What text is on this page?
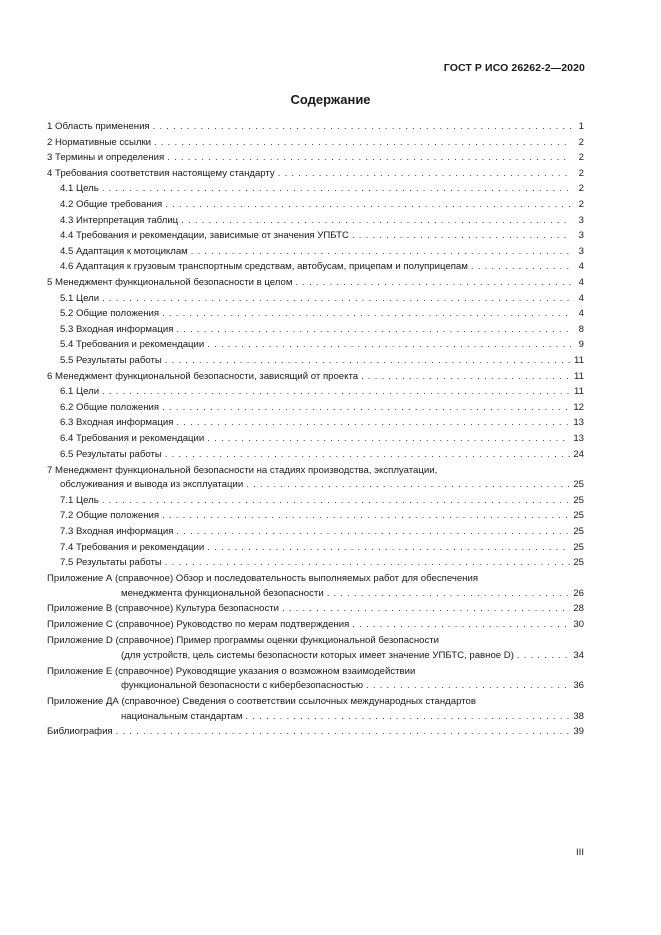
ГОСТ Р ИСО 26262-2—2020
Содержание
1 Область применения . . .	1
2 Нормативные ссылки . . .	2
3 Термины и определения . . .	2
4 Требования соответствия настоящему стандарту . . .	2
4.1 Цель . . .	2
4.2 Общие требования . . .	2
4.3 Интерпретация таблиц . . .	3
4.4 Требования и рекомендации, зависимые от значения УПБТС . . .	3
4.5 Адаптация к мотоциклам . . .	3
4.6 Адаптация к грузовым транспортным средствам, автобусам, прицепам и полуприцепам . . .	4
5 Менеджмент функциональной безопасности в целом . . .	4
5.1 Цели . . .	4
5.2 Общие положения . . .	4
5.3 Входная информация . . .	8
5.4 Требования и рекомендации . . .	9
5.5 Результаты работы . . .	11
6 Менеджмент функциональной безопасности, зависящий от проекта . . .	11
6.1 Цели . . .	11
6.2 Общие положения . . .	12
6.3 Входная информация . . .	13
6.4 Требования и рекомендации . . .	13
6.5 Результаты работы . . .	24
7 Менеджмент функциональной безопасности на стадиях производства, эксплуатации,
обслуживания и вывода из эксплуатации . . .	25
7.1 Цель . . .	25
7.2 Общие положения . . .	25
7.3 Входная информация . . .	25
7.4 Требования и рекомендации . . .	25
7.5 Результаты работы . . .	25
Приложение А (справочное) Обзор и последовательность выполняемых работ для обеспечения
менеджмента функциональной безопасности . . .	26
Приложение В (справочное) Культура безопасности . . .	28
Приложение С (справочное) Руководство по мерам подтверждения . . .	30
Приложение D (справочное) Пример программы оценки функциональной безопасности
(для устройств, цель системы безопасности которых имеет значение УПБТС, равное D) . . .	34
Приложение Е (справочное) Руководящие указания о возможном взаимодействии
функциональной безопасности с кибербезопасностью . . .	36
Приложение ДА (справочное) Сведения о соответствии ссылочных международных стандартов
национальным стандартам . . .	38
Библиография . . .	39
III
